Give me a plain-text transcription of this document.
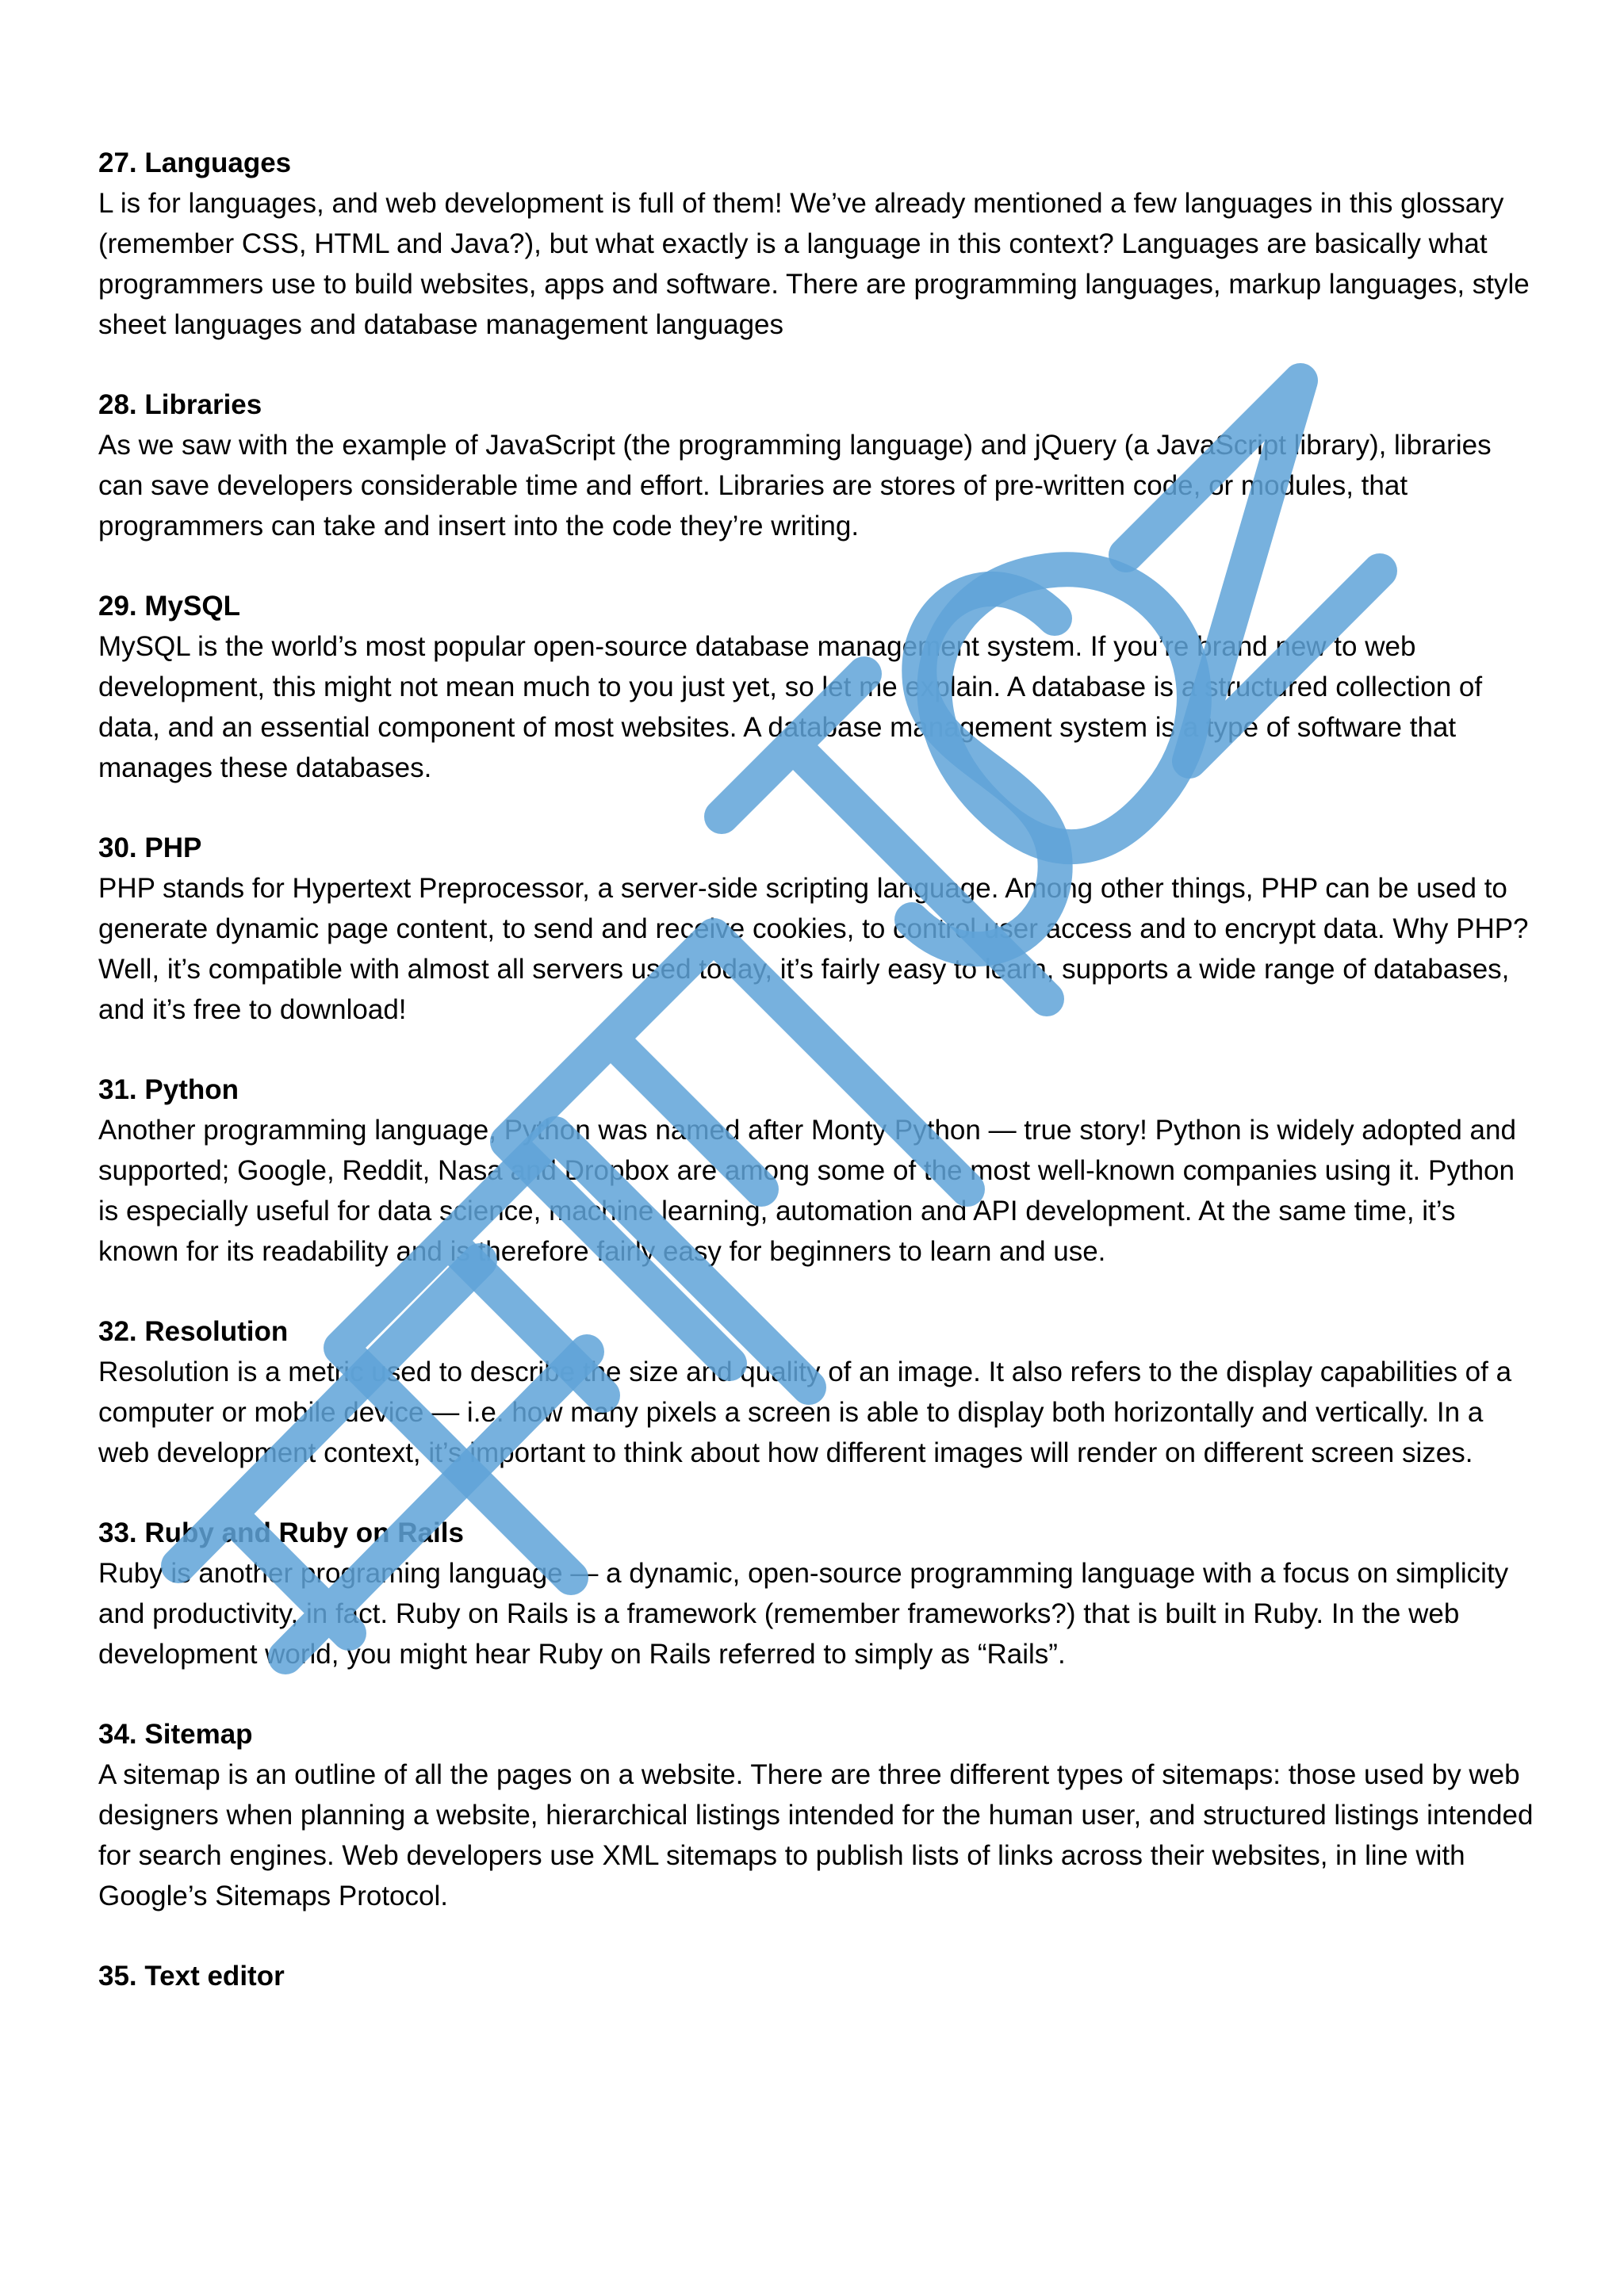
27. Languages

L is for languages, and web development is full of them! We’ve already mentioned a few languages in this glossary (remember CSS, HTML and Java?), but what exactly is a language in this context? Languages are basically what programmers use to build websites, apps and software. There are programming languages, markup languages, style sheet languages and database management languages

28. Libraries

As we saw with the example of JavaScript (the programming language) and jQuery (a JavaScript library), libraries can save developers considerable time and effort. Libraries are stores of pre-written code, or modules, that programmers can take and insert into the code they’re writing.

29. MySQL

MySQL is the world’s most popular open-source database management system. If you’re brand new to web development, this might not mean much to you just yet, so let me explain. A database is a structured collection of data, and an essential component of most websites. A database management system is a type of software that manages these databases.

30. PHP

PHP stands for Hypertext Preprocessor, a server-side scripting language. Among other things, PHP can be used to generate dynamic page content, to send and receive cookies, to control user access and to encrypt data. Why PHP? Well, it’s compatible with almost all servers used today, it’s fairly easy to learn, supports a wide range of databases, and it’s free to download!

31. Python

Another programming language, Python was named after Monty Python — true story! Python is widely adopted and supported; Google, Reddit, Nasa and Dropbox are among some of the most well-known companies using it. Python is especially useful for data science, machine learning, automation and API development. At the same time, it’s known for its readability and is therefore fairly easy for beginners to learn and use.

32. Resolution

Resolution is a metric used to describe the size and quality of an image. It also refers to the display capabilities of a computer or mobile device — i.e. how many pixels a screen is able to display both horizontally and vertically. In a web development context, it’s important to think about how different images will render on different screen sizes.

33. Ruby and Ruby on Rails

Ruby is another programing language — a dynamic, open-source programming language with a focus on simplicity and productivity, in fact. Ruby on Rails is a framework (remember frameworks?) that is built in Ruby. In the web development world, you might hear Ruby on Rails referred to simply as “Rails”.

34. Sitemap

A sitemap is an outline of all the pages on a website. There are three different types of sitemaps: those used by web designers when planning a website, hierarchical listings intended for the human user, and structured listings intended for search engines. Web developers use XML sitemaps to publish lists of links across their websites, in line with Google’s Sitemaps Protocol.

35. Text editor
